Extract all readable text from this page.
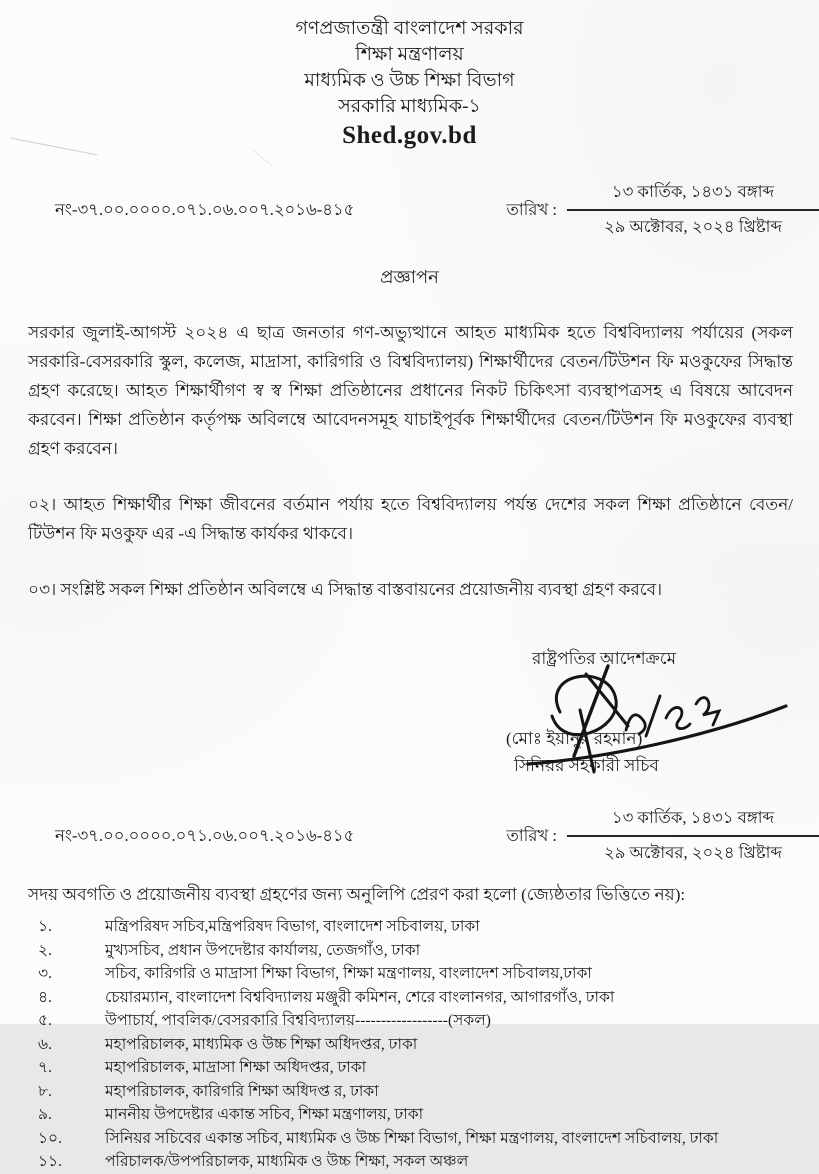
গণপ্রজাতন্ত্রী বাংলাদেশ সরকার
শিক্ষা মন্ত্রণালয়
মাধ্যমিক ও উচ্চ শিক্ষা বিভাগ
সরকারি মাধ্যমিক-১
Shed.gov.bd
নং-৩৭.০০.০০০০.০৭১.০৬.০০৭.২০১৬-৪১৫	তারিখ :
১৩ কার্তিক, ১৪৩১ বঙ্গাব্দ
২৯ অক্টোবর, ২০২৪ খ্রিষ্টাব্দ
প্রজ্ঞাপন
সরকার জুলাই-আগস্ট ২০২৪ এ ছাত্র জনতার গণ-অভ্যুত্থানে আহত মাধ্যমিক হতে বিশ্ববিদ্যালয় পর্যায়ের (সকল সরকারি-বেসরকারি স্কুল, কলেজ, মাদ্রাসা, কারিগরি ও বিশ্ববিদ্যালয়) শিক্ষার্থীদের বেতন/টিউশন ফি মওকুফের সিদ্ধান্ত গ্রহণ করেছে। আহত শিক্ষার্থীগণ স্ব স্ব শিক্ষা প্রতিষ্ঠানের প্রধানের নিকট চিকিৎসা ব্যবস্থাপত্রসহ এ বিষয়ে আবেদন করবেন। শিক্ষা প্রতিষ্ঠান কর্তৃপক্ষ অবিলম্বে আবেদনসমূহ যাচাইপূর্বক শিক্ষার্থীদের বেতন/টিউশন ফি মওকুফের ব্যবস্থা গ্রহণ করবেন।
০২। আহত শিক্ষার্থীর শিক্ষা জীবনের বর্তমান পর্যায় হতে বিশ্ববিদ্যালয় পর্যন্ত দেশের সকল শিক্ষা প্রতিষ্ঠানে বেতন/টিউশন ফি মওকুফ এর -এ সিদ্ধান্ত কার্যকর থাকবে।
০৩। সংশ্লিষ্ট সকল শিক্ষা প্রতিষ্ঠান অবিলম্বে এ সিদ্ধান্ত বাস্তবায়নের প্রয়োজনীয় ব্যবস্থা গ্রহণ করবে।
রাষ্ট্রপতির আদেশক্রমে
(মোঃ ইয়ানুর রহমান)
সিনিয়র সহকারী সচিব
নং-৩৭.০০.০০০০.০৭১.০৬.০০৭.২০১৬-৪১৫	তারিখ :
১৩ কার্তিক, ১৪৩১ বঙ্গাব্দ
২৯ অক্টোবর, ২০২৪ খ্রিষ্টাব্দ
সদয় অবগতি ও প্রয়োজনীয় ব্যবস্থা গ্রহণের জন্য অনুলিপি প্রেরণ করা হলো (জ্যেষ্ঠতার ভিত্তিতে নয়):
১.	মন্ত্রিপরিষদ সচিব,মন্ত্রিপরিষদ বিভাগ, বাংলাদেশ সচিবালয়, ঢাকা
২.	মুখ্যসচিব, প্রধান উপদেষ্টার কার্যালয়, তেজগাঁও, ঢাকা
৩.	সচিব, কারিগরি ও মাদ্রাসা শিক্ষা বিভাগ, শিক্ষা মন্ত্রণালয়, বাংলাদেশ সচিবালয়,ঢাকা
৪.	চেয়ারম্যান, বাংলাদেশ বিশ্ববিদ্যালয় মঞ্জুরী কমিশন, শেরে বাংলানগর, আগারগাঁও, ঢাকা
৫.	উপাচার্য, পাবলিক/বেসরকারি বিশ্ববিদ্যালয়------------------(সকল)
৬.	মহাপরিচালক, মাধ্যমিক ও উচ্চ শিক্ষা অধিদপ্তর, ঢাকা
৭.	মহাপরিচালক, মাদ্রাসা শিক্ষা অধিদপ্তর, ঢাকা
৮.	মহাপরিচালক, কারিগরি শিক্ষা অধিদপ্ত র, ঢাকা
৯.	মাননীয় উপদেষ্টার একান্ত সচিব, শিক্ষা মন্ত্রণালয়, ঢাকা
১০.	সিনিয়র সচিবের একান্ত সচিব, মাধ্যমিক ও উচ্চ শিক্ষা বিভাগ, শিক্ষা মন্ত্রণালয়, বাংলাদেশ সচিবালয়, ঢাকা
১১.	পরিচালক/উপপরিচালক, মাধ্যমিক ও উচ্চ শিক্ষা, সকল অঞ্চল
